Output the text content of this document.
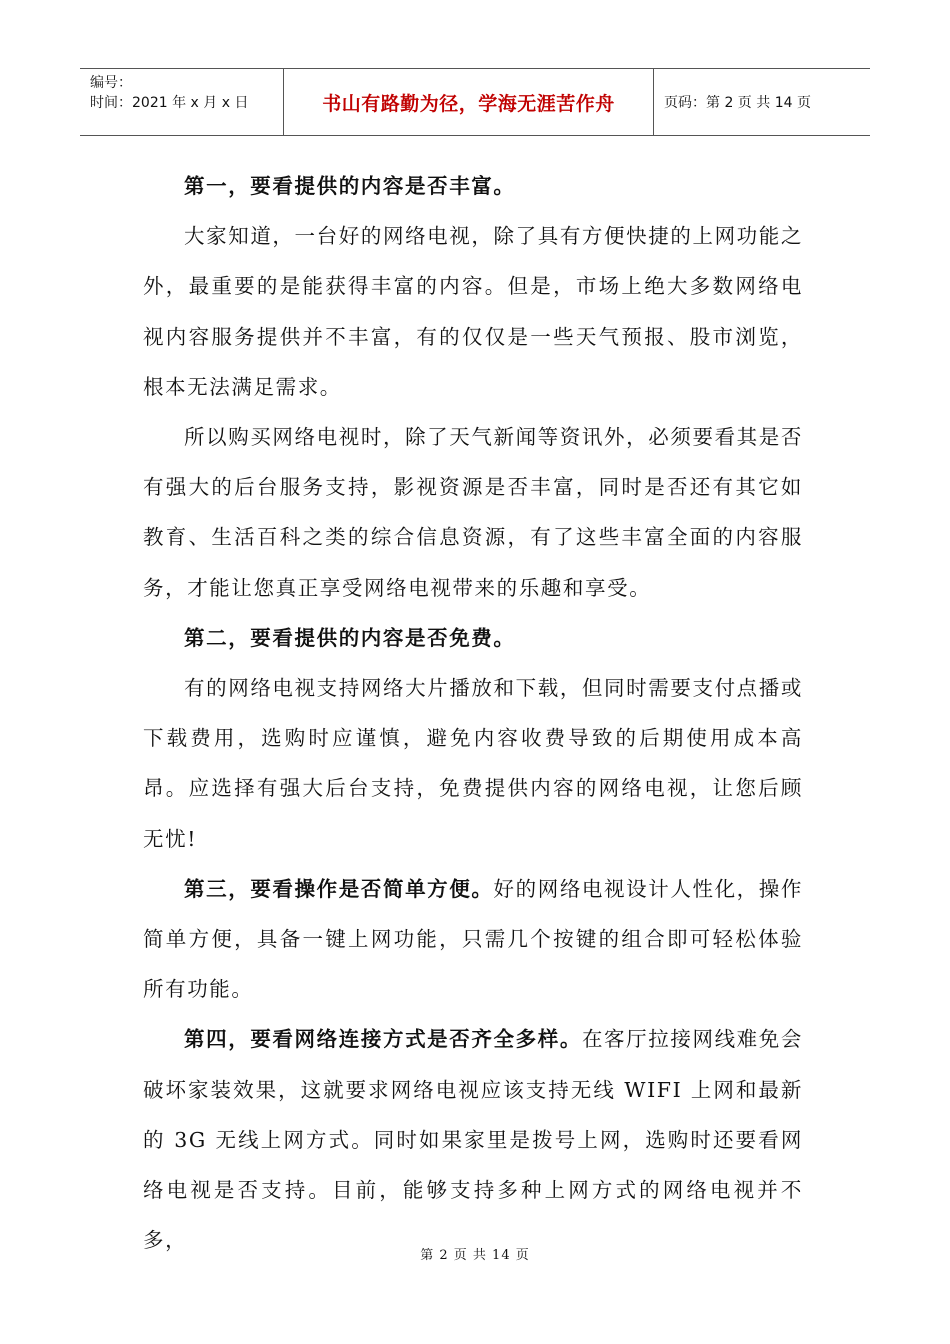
编号：
时间：2021 年 x 月 x 日	书山有路勤为径，学海无涯苦作舟	页码：第 2 页 共 14 页

第一，要看提供的内容是否丰富。

大家知道，一台好的网络电视，除了具有方便快捷的上网功能之外，最重要的是能获得丰富的内容。但是，市场上绝大多数网络电视内容服务提供并不丰富，有的仅仅是一些天气预报、股市浏览，根本无法满足需求。

所以购买网络电视时，除了天气新闻等资讯外，必须要看其是否有强大的后台服务支持，影视资源是否丰富，同时是否还有其它如教育、生活百科之类的综合信息资源，有了这些丰富全面的内容服务，才能让您真正享受网络电视带来的乐趣和享受。

第二，要看提供的内容是否免费。

有的网络电视支持网络大片播放和下载，但同时需要支付点播或下载费用，选购时应谨慎，避免内容收费导致的后期使用成本高昂。应选择有强大后台支持，免费提供内容的网络电视，让您后顾无忧!

第三，要看操作是否简单方便。好的网络电视设计人性化，操作简单方便，具备一键上网功能，只需几个按键的组合即可轻松体验所有功能。

第四，要看网络连接方式是否齐全多样。在客厅拉接网线难免会破坏家装效果，这就要求网络电视应该支持无线 WIFI 上网和最新的 3G 无线上网方式。同时如果家里是拨号上网，选购时还要看网络电视是否支持。目前，能够支持多种上网方式的网络电视并不多，

第 2 页 共 14 页
